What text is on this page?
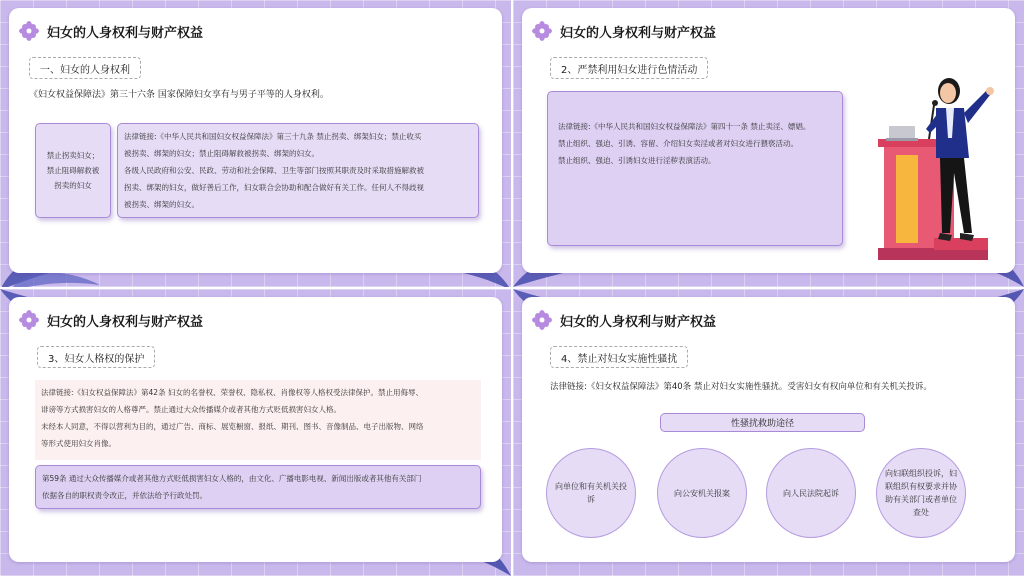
妇女的人身权利与财产权益
一、妇女的人身权利
《妇女权益保障法》第三十六条 国家保障妇女享有与男子平等的人身权利。
禁止拐卖妇女；
禁止阻碍解救被
拐卖的妇女
法律链接:《中华人民共和国妇女权益保障法》第三十九条 禁止拐卖、绑架妇女；禁止收买
被拐卖、绑架的妇女；禁止阻碍解救被拐卖、绑架的妇女。
各级人民政府和公安、民政、劳动和社会保障、卫生等部门按照其职责及时采取措施解救被
拐卖、绑架的妇女，做好善后工作，妇女联合会协助和配合做好有关工作。任何人不得歧视
被拐卖、绑架的妇女。
妇女的人身权利与财产权益
2、严禁利用妇女进行色情活动
法律链接:《中华人民共和国妇女权益保障法》第四十一条 禁止卖淫、嫖娼。
禁止组织、强迫、引诱、容留、介绍妇女卖淫或者对妇女进行猥亵活动。
禁止组织、强迫、引诱妇女进行淫秽表演活动。
妇女的人身权利与财产权益
3、妇女人格权的保护
法律链接:《妇女权益保障法》第42条 妇女的名誉权、荣誉权、隐私权、肖像权等人格权受法律保护。禁止用侮辱、
诽谤等方式损害妇女的人格尊严。禁止通过大众传播媒介或者其他方式贬低损害妇女人格。
未经本人同意，不得以营利为目的，通过广告、商标、展览橱窗、报纸、期刊、图书、音像制品、电子出版物、网络
等形式使用妇女肖像。
第59条 通过大众传播媒介或者其他方式贬低损害妇女人格的，由文化、广播电影电视、新闻出版或者其他有关部门
依据各自的职权责令改正，并依法给予行政处罚。
妇女的人身权利与财产权益
4、禁止对妇女实施性骚扰
法律链接:《妇女权益保障法》第40条 禁止对妇女实施性骚扰。受害妇女有权向单位和有关机关投诉。
性骚扰救助途径
向单位和有关机关投诉
向公安机关报案	向人民法院起诉
向妇联组织投诉，妇联组织有权要求并协助有关部门或者单位查处
